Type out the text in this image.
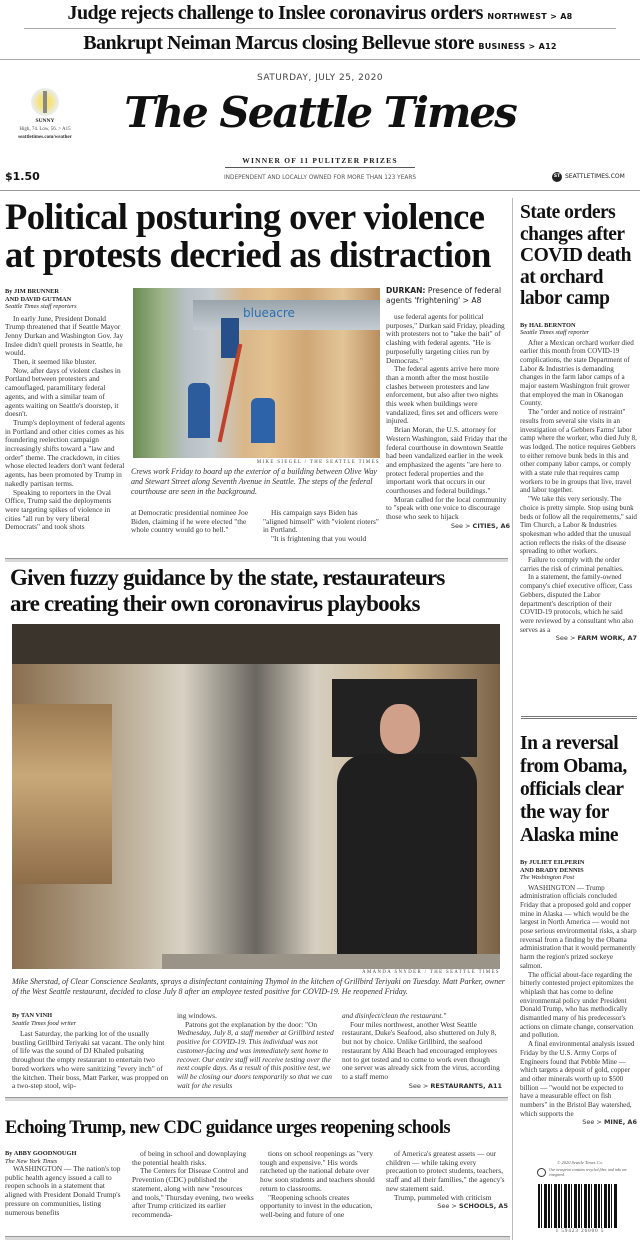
Judge rejects challenge to Inslee coronavirus orders NORTHWEST > A8
Bankrupt Neiman Marcus closing Bellevue store BUSINESS > A12
SATURDAY, JULY 25, 2020
The Seattle Times
WINNER OF 11 PULITZER PRIZES
INDEPENDENT AND LOCALLY OWNED FOR MORE THAN 123 YEARS
SUNNY
High, 74. Low, 56. > A15
seattletimes.com/weather
$1.50	ST SEATTLETIMES.COM
Political posturing over violence
at protests decried as distraction
By JIM BRUNNER
AND DAVID GUTMAN
Seattle Times staff reporters

In early June, President Donald Trump threatened that if Seattle Mayor Jenny Durkan and Washington Gov. Jay Inslee didn't quell protests in Seattle, he would.

Then, it seemed like bluster.

Now, after days of violent clashes in Portland between protesters and camouflaged, paramilitary federal agents, and with a similar team of agents waiting on Seattle's doorstep, it doesn't.

Trump's deployment of federal agents in Portland and other cities comes as his foundering reelection campaign increasingly shifts toward a "law and order" theme. The crackdown, in cities whose elected leaders don't want federal agents, has been promoted by Trump in nakedly partisan terms.

Speaking to reporters in the Oval Office, Trump said the deployments were targeting spikes of violence in cities "all run by very liberal Democrats" and took shots

blueacre
MIKE SIEGEL / THE SEATTLE TIMES
Crews work Friday to board up the exterior of a building between Olive Way and Stewart Street along Seventh Avenue in Seattle. The steps of the federal courthouse are seen in the background.

at Democratic presidential nominee Joe Biden, claiming if he were elected "the whole country would go to hell."

His campaign says Biden has "aligned himself" with "violent rioters" in Portland.

"It is frightening that you would

DURKAN: Presence of federal agents 'frightening' > A8

use federal agents for political purposes," Durkan said Friday, pleading with protesters not to "take the bait" of clashing with federal agents. "He is purposefully targeting cities run by Democrats."

The federal agents arrive here more than a month after the most hostile clashes between protesters and law enforcement, but also after two nights this week when buildings were vandalized, fires set and officers were injured.

Brian Moran, the U.S. attorney for Western Washington, said Friday that the federal courthouse in downtown Seattle had been vandalized earlier in the week and emphasized the agents "are here to protect federal properties and the important work that occurs in our courthouses and federal buildings."

Moran called for the local community to "speak with one voice to discourage those who seek to hijack

See > CITIES, A6
Given fuzzy guidance by the state, restaurateurs
are creating their own coronavirus playbooks
AMANDA SNYDER / THE SEATTLE TIMES
Mike Sherstad, of Clear Conscience Sealants, sprays a disinfectant containing Thymol in the kitchen of Grillbird Teriyaki on Tuesday. Matt Parker, owner of the West Seattle restaurant, decided to close July 8 after an employee tested positive for COVID-19. He reopened Friday.
By TAN VINH
Seattle Times food writer

Last Saturday, the parking lot of the usually bustling Grillbird Teriyaki sat vacant. The only hint of life was the sound of DJ Khaled pulsating throughout the empty restaurant to entertain two bored workers who were sanitizing "every inch" of the kitchen. Their boss, Matt Parker, was propped on a two-step stool, wip-

ing windows.

Patrons got the explanation by the door: "On Wednesday, July 8, a staff member at Grillbird tested positive for COVID-19. This individual was not customer-facing and was immediately sent home to recover. Our entire staff will receive testing over the next couple days. As a result of this positive test, we will be closing our doors temporarily so that we can wait for the results

and disinfect/clean the restaurant."

Four miles northwest, another West Seattle restaurant, Duke's Seafood, also shuttered on July 8, but not by choice. Unlike Grillbird, the seafood restaurant by Alki Beach had encouraged employees not to get tested and to come to work even though one server was already sick from the virus, according to a staff memo

See > RESTAURANTS, A11
Echoing Trump, new CDC guidance urges reopening schools
By ABBY GOODNOUGH
The New York Times

WASHINGTON — The nation's top public health agency issued a call to reopen schools in a statement that aligned with President Donald Trump's pressure on communities, listing numerous benefits

of being in school and downplaying the potential health risks.

The Centers for Disease Control and Prevention (CDC) published the statement, along with new "resources and tools," Thursday evening, two weeks after Trump criticized its earlier recommenda-

tions on school reopenings as "very tough and expensive." His words ratcheted up the national debate over how soon students and teachers should return to classrooms.

"Reopening schools creates opportunity to invest in the education, well-being and future of one

of America's greatest assets — our children — while taking every precaution to protect students, teachers, staff and all their families," the agency's new statement said.

Trump, pummeled with criticism

See > SCHOOLS, A5
State orders changes after COVID death at orchard labor camp
By HAL BERNTON
Seattle Times staff reporter

After a Mexican orchard worker died earlier this month from COVID-19 complications, the state Department of Labor & Industries is demanding changes in the farm labor camps of a major eastern Washington fruit grower that employed the man in Okanogan County.

The "order and notice of restraint" results from several site visits in an investigation of a Gebbers Farms' labor camp where the worker, who died July 8, was lodged. The notice requires Gebbers to either remove bunk beds in this and other company labor camps, or comply with a state rule that requires camp workers to be in groups that live, travel and labor together.

"We take this very seriously. The choice is pretty simple. Stop using bunk beds or follow all the requirements," said Tim Church, a Labor & Industries spokesman who added that the unusual action reflects the risks of the disease spreading to other workers.

Failure to comply with the order carries the risk of criminal penalties.

In a statement, the family-owned company's chief executive officer, Cass Gebbers, disputed the Labor department's description of their COVID-19 protocols, which he said were reviewed by a consultant who also serves as a

See > FARM WORK, A7
In a reversal from Obama, officials clear the way for Alaska mine
By JULIET EILPERIN
AND BRADY DENNIS
The Washington Post

WASHINGTON — Trump administration officials concluded Friday that a proposed gold and copper mine in Alaska — which would be the largest in North America — would not pose serious environmental risks, a sharp reversal from a finding by the Obama administration that it would permanently harm the region's prized sockeye salmon.

The official about-face regarding the bitterly contested project epitomizes the whiplash that has come to define environmental policy under President Donald Trump, who has methodically dismantled many of his predecessor's actions on climate change, conservation and pollution.

A final environmental analysis issued Friday by the U.S. Army Corps of Engineers found that Pebble Mine — which targets a deposit of gold, copper and other minerals worth up to $500 billion — "would not be expected to have a measurable effect on fish numbers" in the Bristol Bay watershed, which supports the

See > MINE, A6
© 2020 Seattle Times Co.
Our newsprint contains recycled fiber, and inks are vinegared.
1 59423 26000 5
